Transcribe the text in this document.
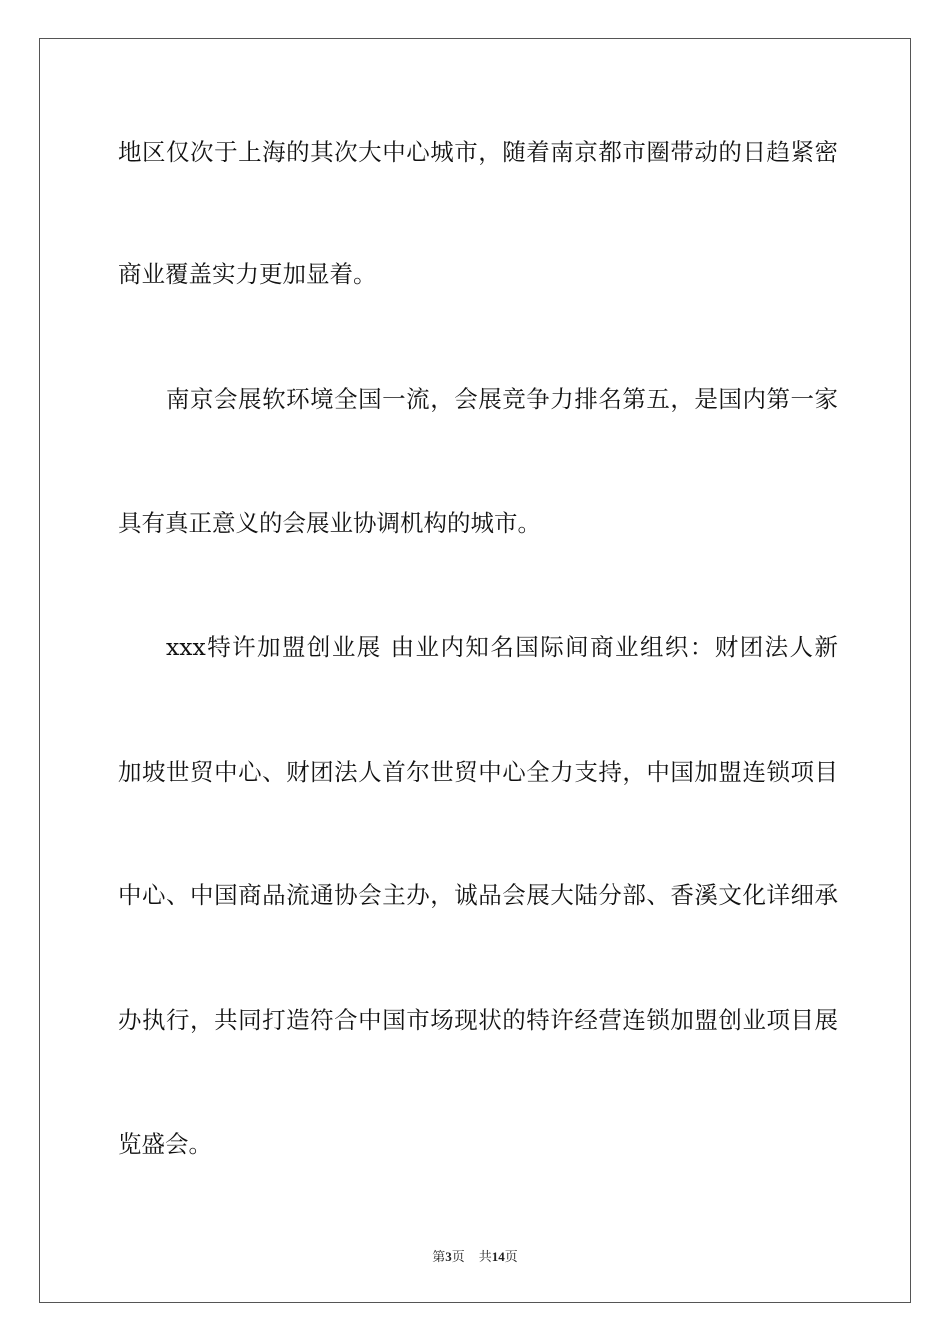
地区仅次于上海的其次大中心城市，随着南京都市圈带动的日趋紧密

商业覆盖实力更加显着。

南京会展软环境全国一流，会展竞争力排名第五，是国内第一家

具有真正意义的会展业协调机构的城市。

xxx特许加盟创业展 由业内知名国际间商业组织：财团法人新

加坡世贸中心、财团法人首尔世贸中心全力支持，中国加盟连锁项目

中心、中国商品流通协会主办，诚品会展大陆分部、香溪文化详细承

办执行，共同打造符合中国市场现状的特许经营连锁加盟创业项目展

览盛会。

第3页 共14页
